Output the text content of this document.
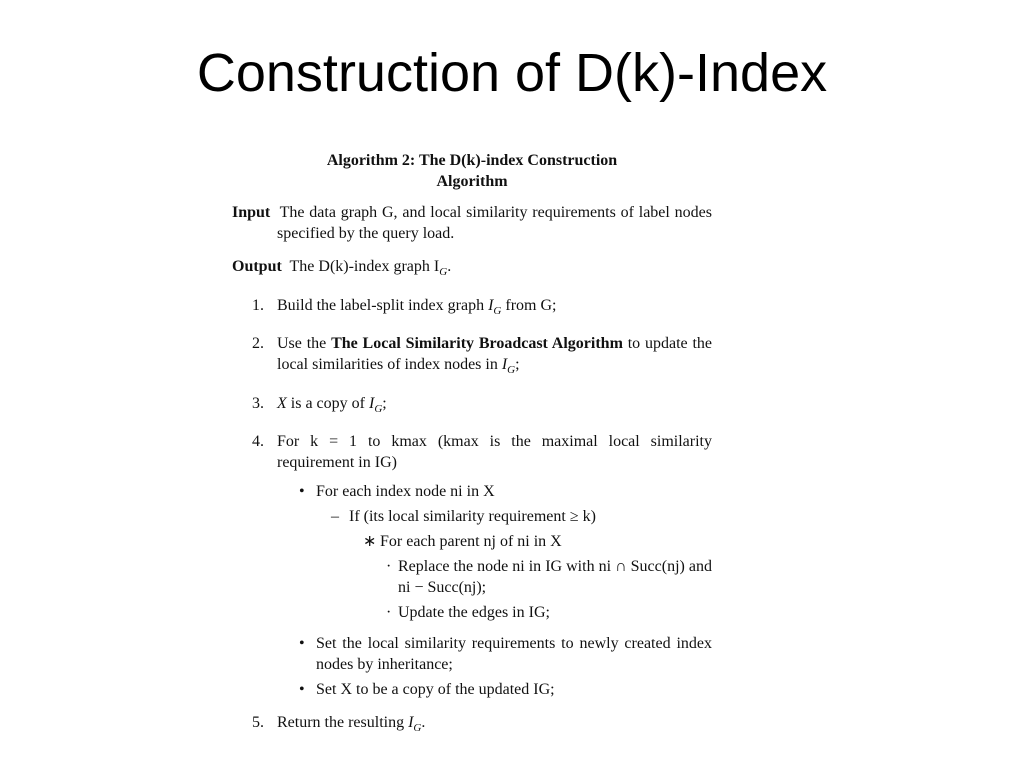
Construction of D(k)-Index
Algorithm 2: The D(k)-index Construction
Algorithm
Input The data graph G, and local similarity requirements of label nodes specified by the query load.
Output The D(k)-index graph $I_G$.
1. Build the label-split index graph $I_G$ from G;
2. Use the The Local Similarity Broadcast Algorithm to update the local similarities of index nodes in $I_G$;
3. X is a copy of $I_G$;
4. For k = 1 to kmax (kmax is the maximal local similarity requirement in IG)
• For each index node ni in X
– If (its local similarity requirement ≥ k)
∗ For each parent nj of ni in X
· Replace the node ni in IG with ni ∩ Succ(nj) and ni − Succ(nj);
· Update the edges in IG;
• Set the local similarity requirements to newly created index nodes by inheritance;
• Set X to be a copy of the updated IG;
5. Return the resulting $I_G$.
